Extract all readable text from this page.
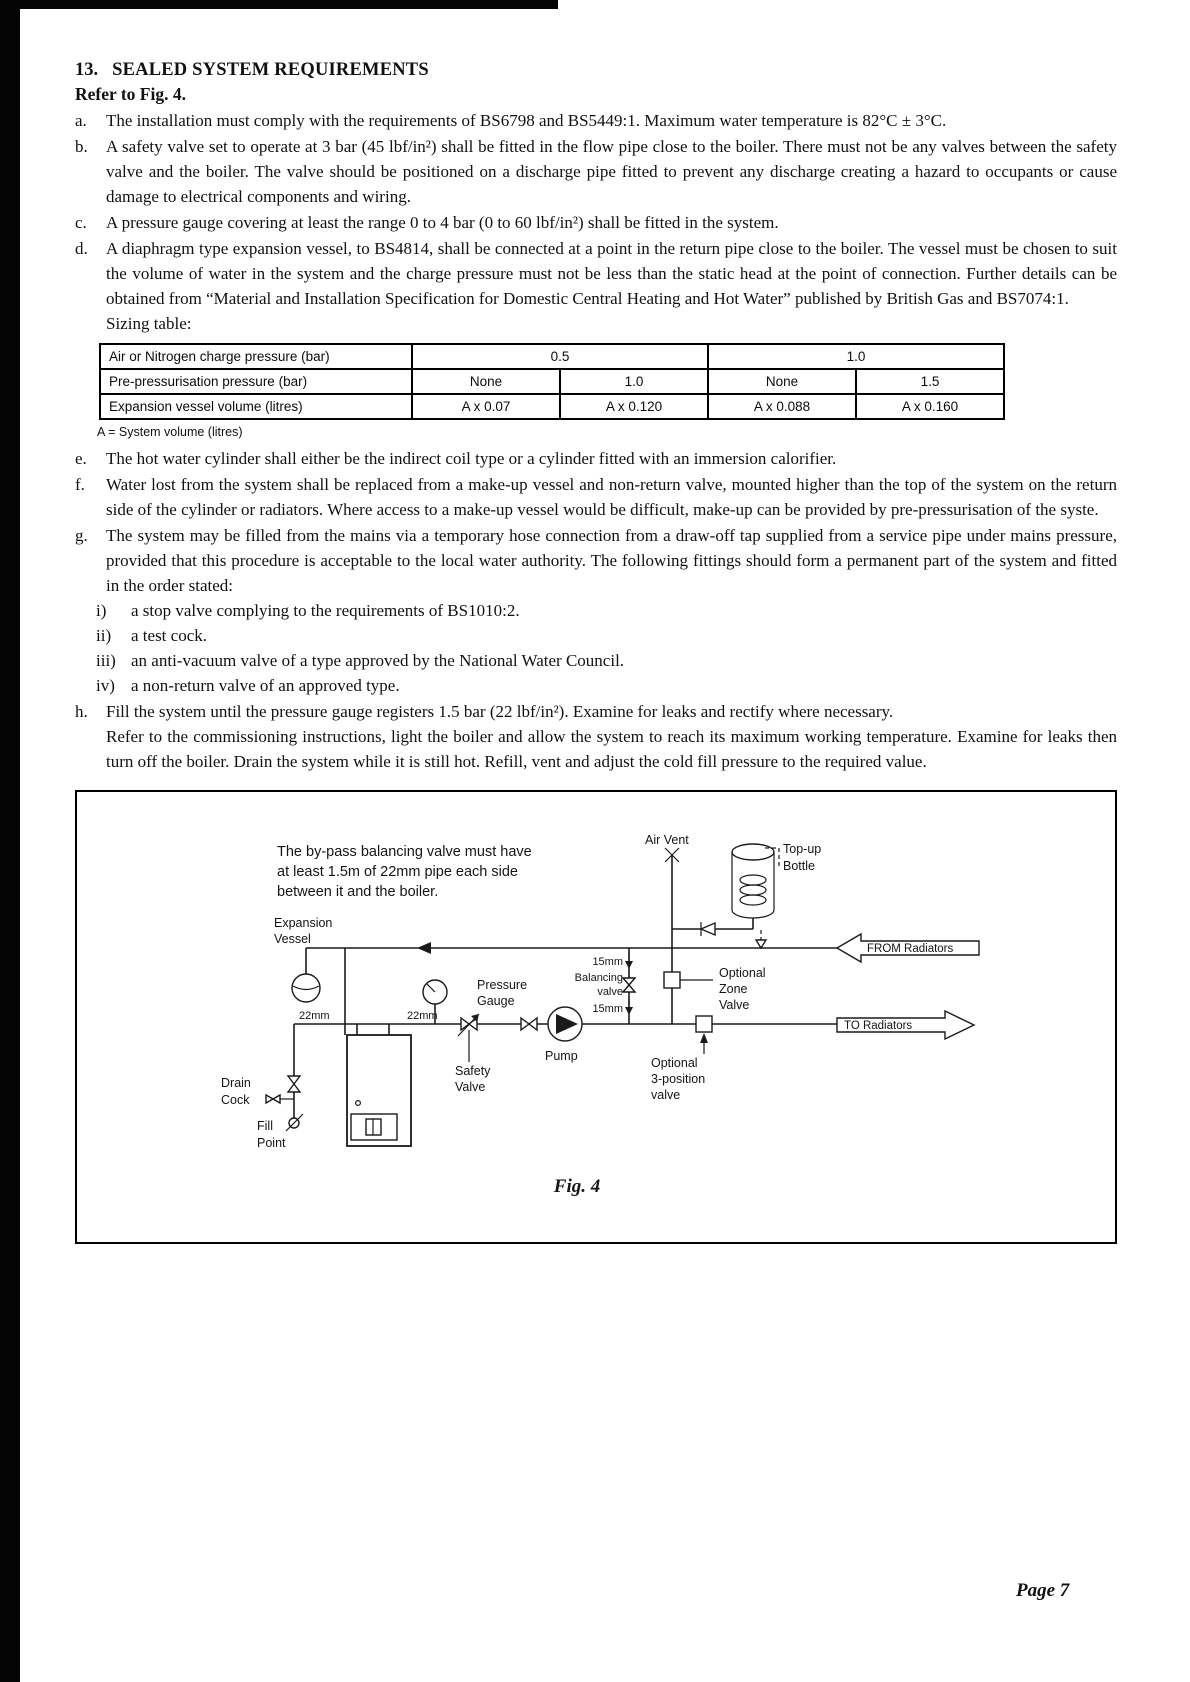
13. SEALED SYSTEM REQUIREMENTS
Refer to Fig. 4.
a.	The installation must comply with the requirements of BS6798 and BS5449:1. Maximum water temperature is 82°C ± 3°C.
b.	A safety valve set to operate at 3 bar (45 lbf/in²) shall be fitted in the flow pipe close to the boiler. There must not be any valves between the safety valve and the boiler. The valve should be positioned on a discharge pipe fitted to prevent any discharge creating a hazard to occupants or cause damage to electrical components and wiring.
c.	A pressure gauge covering at least the range 0 to 4 bar (0 to 60 lbf/in²) shall be fitted in the system.
d.	A diaphragm type expansion vessel, to BS4814, shall be connected at a point in the return pipe close to the boiler. The vessel must be chosen to suit the volume of water in the system and the charge pressure must not be less than the static head at the point of connection. Further details can be obtained from “Material and Installation Specification for Domestic Central Heating and Hot Water” published by British Gas and BS7074:1.
Sizing table:
Air or Nitrogen charge pressure (bar)	0.5		1.0	
Pre-pressurisation pressure (bar)	None	1.0	None	1.5
Expansion vessel volume (litres)	A x 0.07	A x 0.120	A x 0.088	A x 0.160
A = System volume (litres)
e.	The hot water cylinder shall either be the indirect coil type or a cylinder fitted with an immersion calorifier.
f.	Water lost from the system shall be replaced from a make-up vessel and non-return valve, mounted higher than the top of the system on the return side of the cylinder or radiators. Where access to a make-up vessel would be difficult, make-up can be provided by pre-pressurisation of the syste.
g.	The system may be filled from the mains via a temporary hose connection from a draw-off tap supplied from a service pipe under mains pressure, provided that this procedure is acceptable to the local water authority. The following fittings should form a permanent part of the system and fitted in the order stated:
i)	a stop valve complying to the requirements of BS1010:2.
ii)	a test cock.
iii) an anti-vacuum valve of a type approved by the National Water Council.
iv) a non-return valve of an approved type.
h.	Fill the system until the pressure gauge registers 1.5 bar (22 lbf/in²). Examine for leaks and rectify where necessary.
Refer to the commissioning instructions, light the boiler and allow the system to reach its maximum working temperature. Examine for leaks then turn off the boiler. Drain the system while it is still hot. Refill, vent and adjust the cold fill pressure to the required value.
FROM Radiators
TO Radiators
The by-pass balancing valve must have
at least 1.5m of 22mm pipe each side
between it and the boiler.
Air Vent
Top-up
Bottle
Expansion
Vessel
15mm
Balancing
valve
15mm
Optional
Zone
Valve
Pressure
Gauge
Pump
22mm	22mm
Safety
Valve
Optional
3-position
valve
Drain
Cock
Fill
Point
Fig. 4
Page 7
